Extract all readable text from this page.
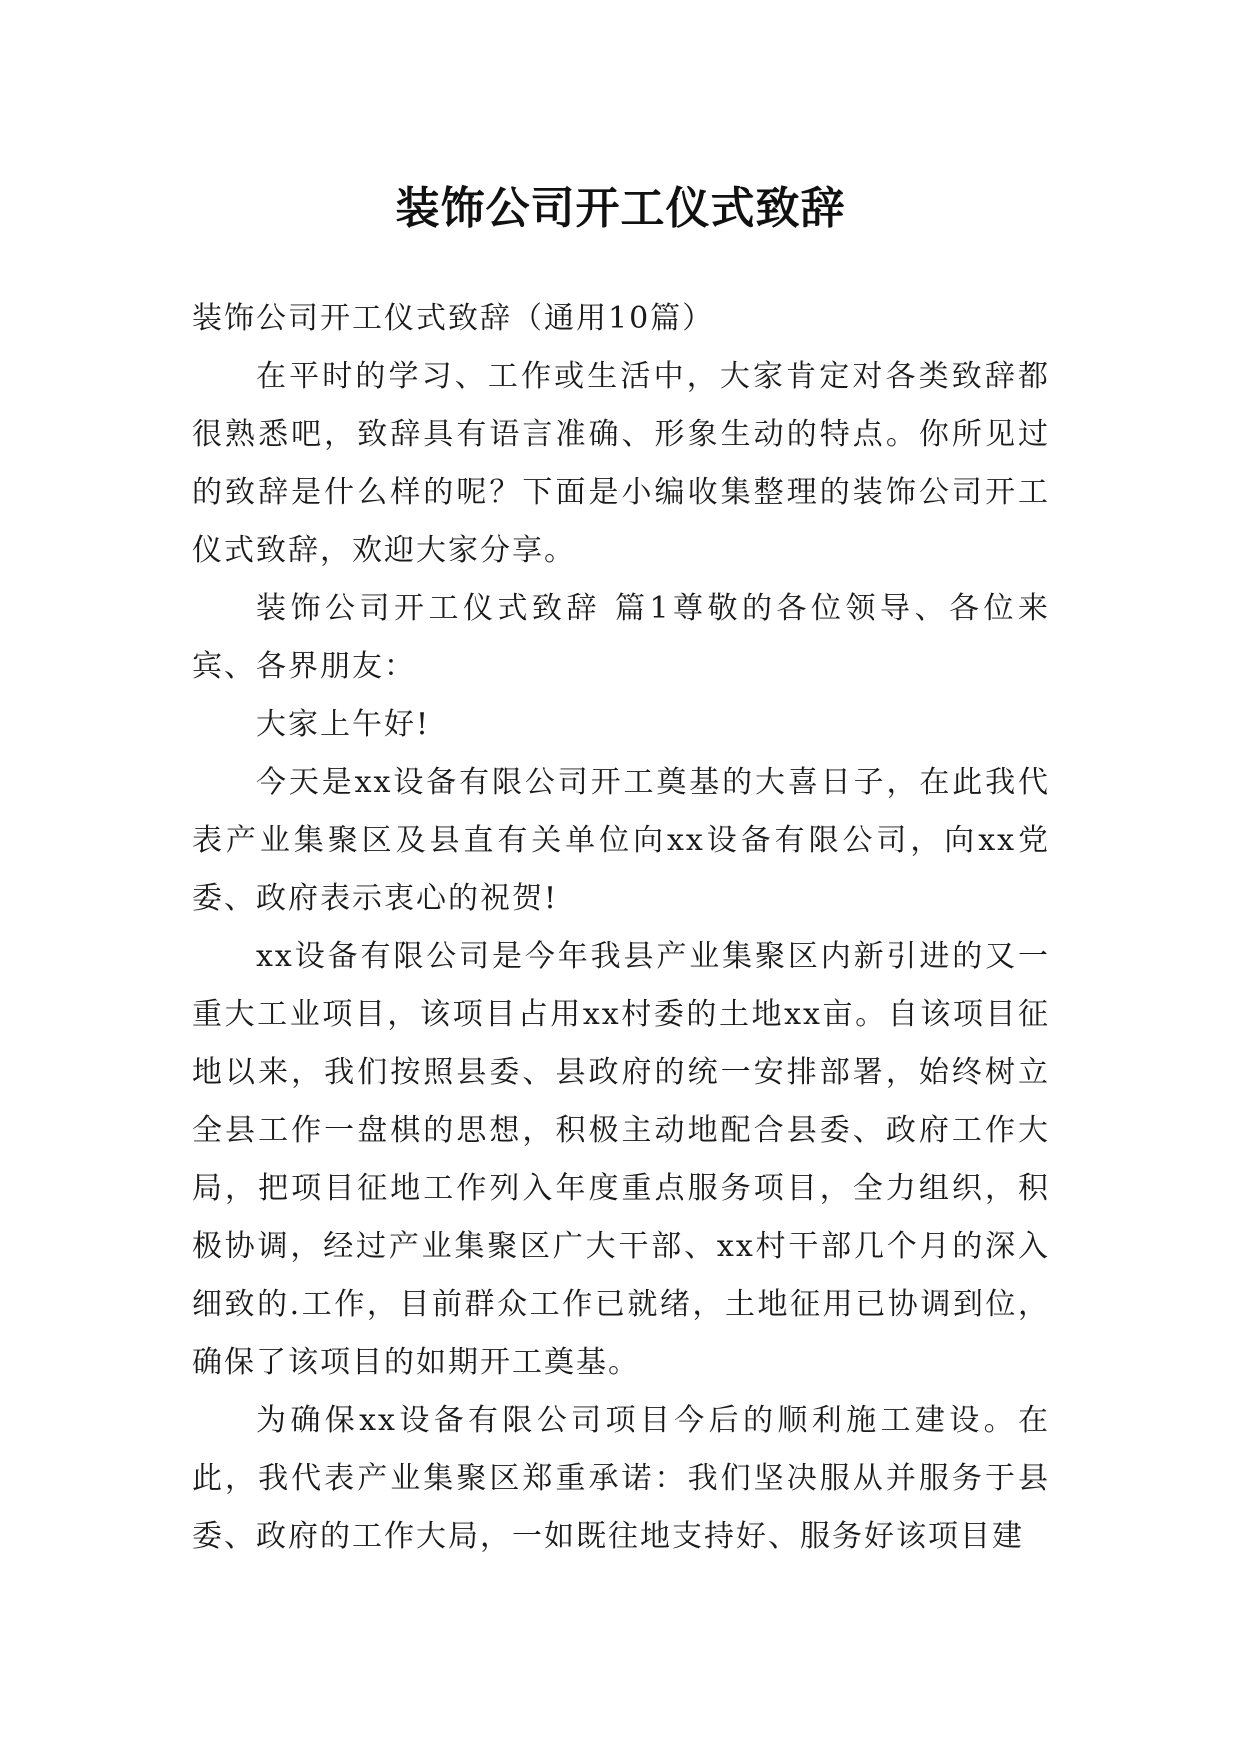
装饰公司开工仪式致辞

装饰公司开工仪式致辞（通用10篇）

在平时的学习、工作或生活中，大家肯定对各类致辞都很熟悉吧，致辞具有语言准确、形象生动的特点。你所见过的致辞是什么样的呢？下面是小编收集整理的装饰公司开工仪式致辞，欢迎大家分享。

装饰公司开工仪式致辞 篇1尊敬的各位领导、各位来宾、各界朋友：

大家上午好!

今天是xx设备有限公司开工奠基的大喜日子，在此我代表产业集聚区及县直有关单位向xx设备有限公司，向xx党委、政府表示衷心的祝贺!

xx设备有限公司是今年我县产业集聚区内新引进的又一重大工业项目，该项目占用xx村委的土地xx亩。自该项目征地以来，我们按照县委、县政府的统一安排部署，始终树立全县工作一盘棋的思想，积极主动地配合县委、政府工作大局，把项目征地工作列入年度重点服务项目，全力组织，积极协调，经过产业集聚区广大干部、xx村干部几个月的深入细致的.工作，目前群众工作已就绪，土地征用已协调到位，确保了该项目的如期开工奠基。

为确保xx设备有限公司项目今后的顺利施工建设。在此，我代表产业集聚区郑重承诺：我们坚决服从并服务于县委、政府的工作大局，一如既往地支持好、服务好该项目建
